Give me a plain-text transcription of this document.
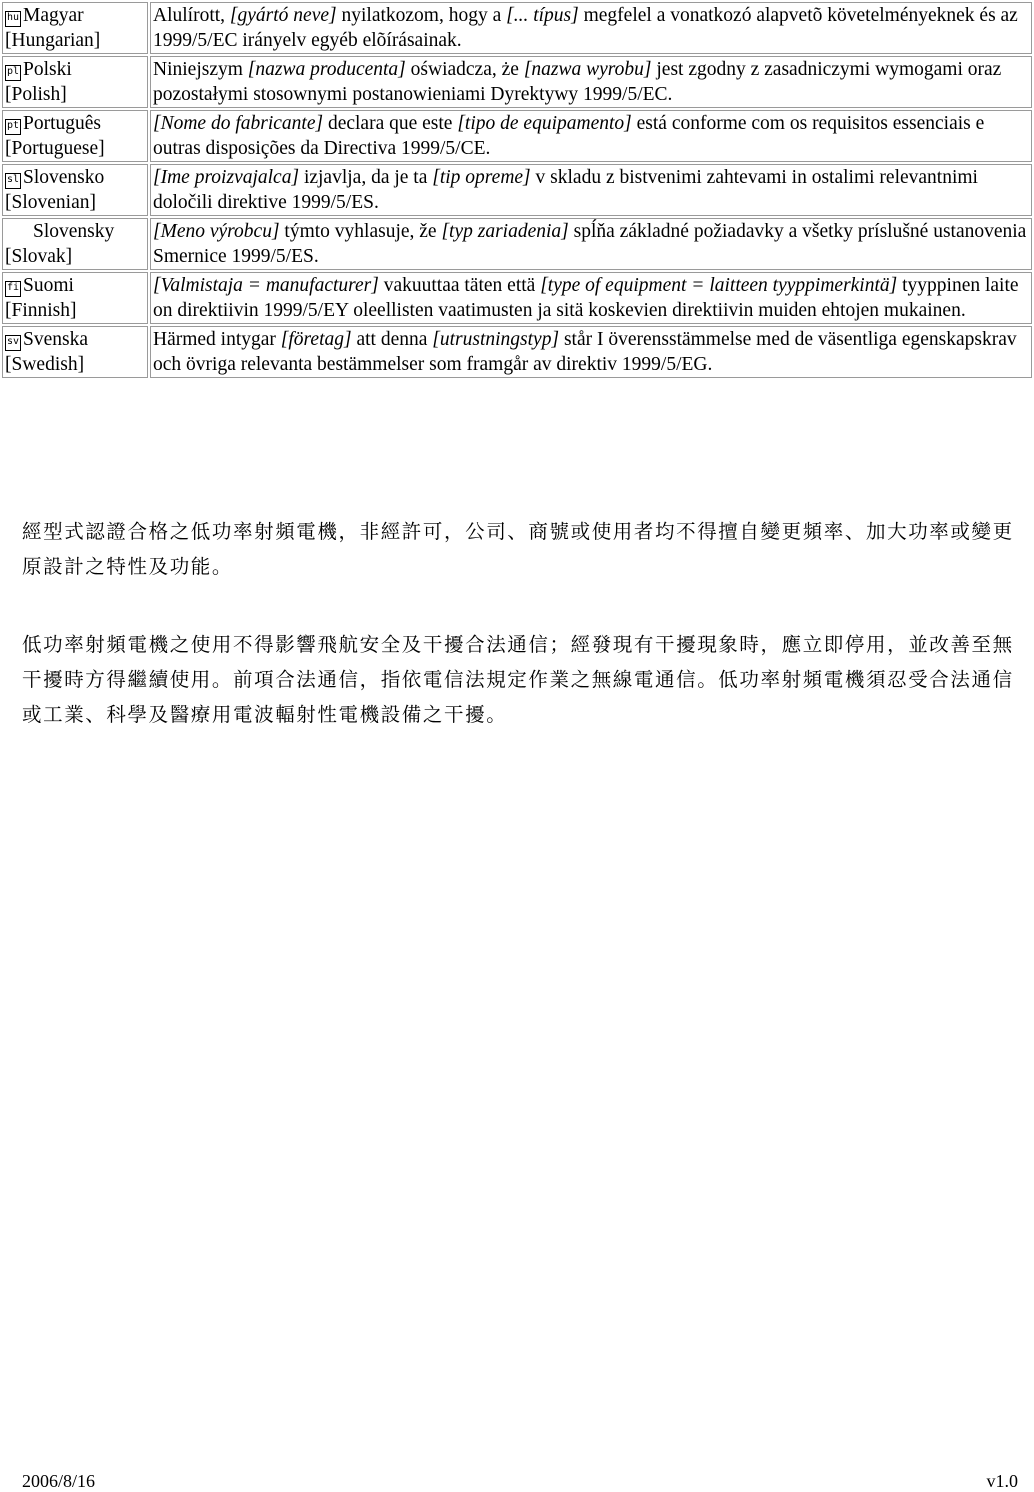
hu Magyar
[Hungarian]	Alulírott, [gyártó neve] nyilatkozom, hogy a [... típus] megfelel a vonatkozó alapvetõ követelményeknek és az 1999/5/EC irányelv egyéb elõírásainak.
pl Polski
[Polish]	Niniejszym [nazwa producenta] oświadcza, że [nazwa wyrobu] jest zgodny z zasadniczymi wymogami oraz pozostałymi stosownymi postanowieniami Dyrektywy 1999/5/EC.
pt Português
[Portuguese]	[Nome do fabricante] declara que este [tipo de equipamento] está conforme com os requisitos essenciais e outras disposições da Directiva 1999/5/CE.
sl Slovensko
[Slovenian]	[Ime proizvajalca] izjavlja, da je ta [tip opreme] v skladu z bistvenimi zahtevami in ostalimi relevantnimi določili direktive 1999/5/ES.
Slovensky
[Slovak]	[Meno výrobcu] týmto vyhlasuje, že [typ zariadenia] spĺňa základné požiadavky a všetky príslušné ustanovenia Smernice 1999/5/ES.
fi Suomi
[Finnish]	[Valmistaja = manufacturer] vakuuttaa täten että [type of equipment = laitteen tyyppimerkintä] tyyppinen laite on direktiivin 1999/5/EY oleellisten vaatimusten ja sitä koskevien direktiivin muiden ehtojen mukainen.
sv Svenska
[Swedish]	Härmed intygar [företag] att denna [utrustningstyp] står I överensstämmelse med de väsentliga egenskapskrav och övriga relevanta bestämmelser som framgår av direktiv 1999/5/EG.

經型式認證合格之低功率射頻電機，非經許可，公司、商號或使用者均不得擅自變更頻率、加大功率或變更原設計之特性及功能。

低功率射頻電機之使用不得影響飛航安全及干擾合法通信；經發現有干擾現象時，應立即停用，並改善至無干擾時方得繼續使用。前項合法通信，指依電信法規定作業之無線電通信。低功率射頻電機須忍受合法通信或工業、科學及醫療用電波輻射性電機設備之干擾。

2006/8/16	v1.0
